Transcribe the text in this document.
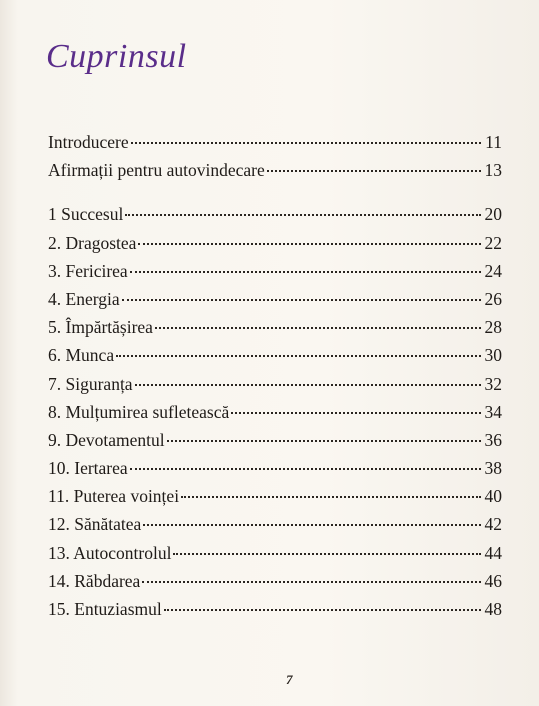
Cuprinsul
Introducere	11
Afirmații pentru autovindecare	13
1 Succesul	20
2. Dragostea	22
3. Fericirea	24
4. Energia	26
5. Împărtășirea	28
6. Munca	30
7. Siguranța	32
8. Mulțumirea sufletească	34
9. Devotamentul	36
10. Iertarea	38
11. Puterea voinței	40
12. Sănătatea	42
13. Autocontrolul	44
14. Răbdarea	46
15. Entuziasmul	48
7
